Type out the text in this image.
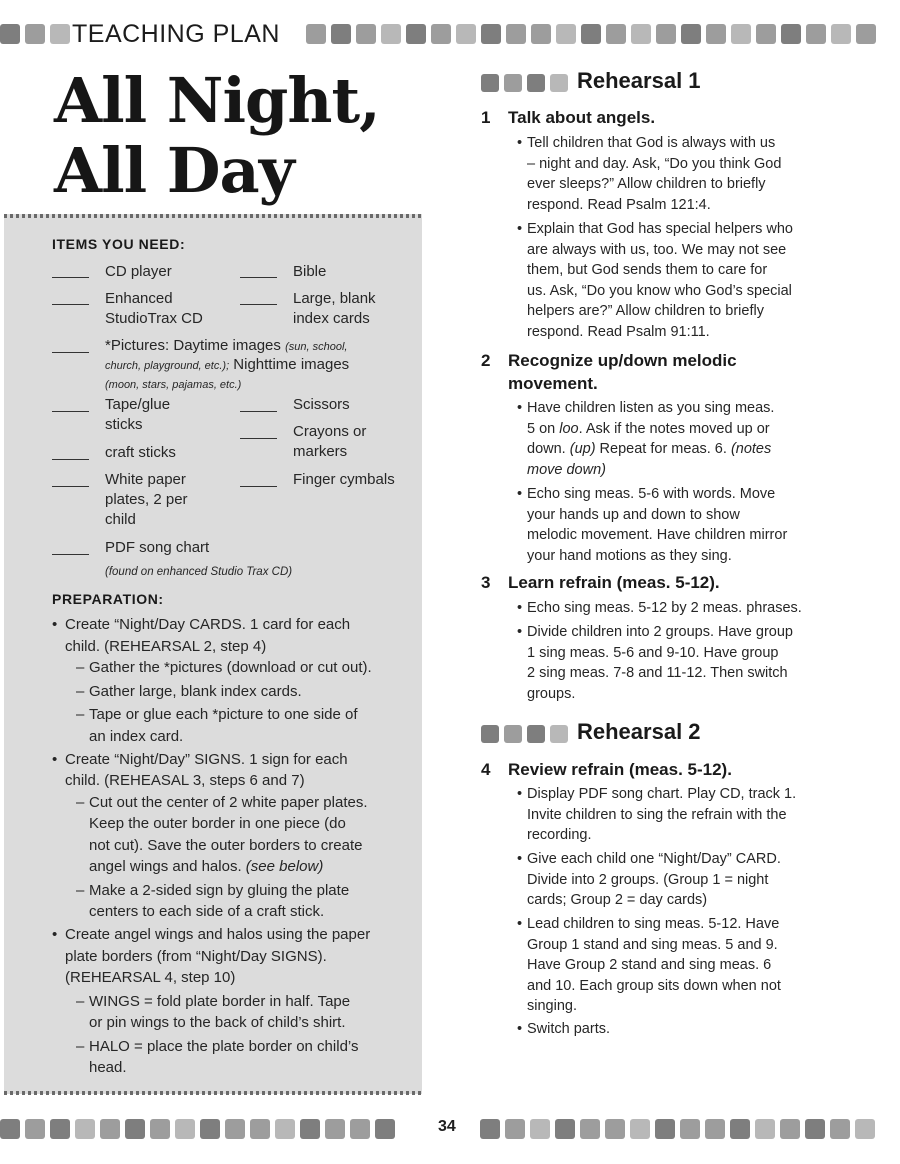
TEACHING PLAN
All Night,
All Day
ITEMS YOU NEED:
CD player	Bible
Enhanced
StudioTrax CD
Large, blank
index cards
*Pictures: Daytime images (sun, school,
church, playground, etc.); Nighttime images
(moon, stars, pajamas, etc.)
Tape/glue
sticks
Scissors
Crayons or
markers
craft sticks
White paper
plates, 2 per
child
Finger cymbals
PDF song chart
(found on enhanced Studio Trax CD)
PREPARATION:
• Create “Night/Day CARDS. 1 card for each
child. (REHEARSAL 2, step 4)
– Gather the *pictures (download or cut out).
– Gather large, blank index cards.
– Tape or glue each *picture to one side of
an index card.
• Create “Night/Day” SIGNS. 1 sign for each
child. (REHEASAL 3, steps 6 and 7)
– Cut out the center of 2 white paper plates.
Keep the outer border in one piece (do
not cut). Save the outer borders to create
angel wings and halos. (see below)
– Make a 2-sided sign by gluing the plate
centers to each side of a craft stick.
• Create angel wings and halos using the paper
plate borders (from “Night/Day SIGNS).
(REHEARSAL 4, step 10)
– WINGS = fold plate border in half. Tape
or pin wings to the back of child’s shirt.
– HALO = place the plate border on child’s
head.
Rehearsal 1
1 Talk about angels.
• Tell children that God is always with us
– night and day. Ask, “Do you think God
ever sleeps?” Allow children to briefly
respond. Read Psalm 121:4.
• Explain that God has special helpers who
are always with us, too. We may not see
them, but God sends them to care for
us. Ask, “Do you know who God’s special
helpers are?” Allow children to briefly
respond. Read Psalm 91:11.
2 Recognize up/down melodic
movement.
• Have children listen as you sing meas.
5 on loo. Ask if the notes moved up or
down. (up) Repeat for meas. 6. (notes
move down)
• Echo sing meas. 5-6 with words. Move
your hands up and down to show
melodic movement. Have children mirror
your hand motions as they sing.
3 Learn refrain (meas. 5-12).
• Echo sing meas. 5-12 by 2 meas. phrases.
• Divide children into 2 groups. Have group
1 sing meas. 5-6 and 9-10. Have group
2 sing meas. 7-8 and 11-12. Then switch
groups.
Rehearsal 2
4 Review refrain (meas. 5-12).
• Display PDF song chart. Play CD, track 1.
Invite children to sing the refrain with the
recording.
• Give each child one “Night/Day” CARD.
Divide into 2 groups. (Group 1 = night
cards; Group 2 = day cards)
• Lead children to sing meas. 5-12. Have
Group 1 stand and sing meas. 5 and 9.
Have Group 2 stand and sing meas. 6
and 10. Each group sits down when not
singing.
• Switch parts.
34
